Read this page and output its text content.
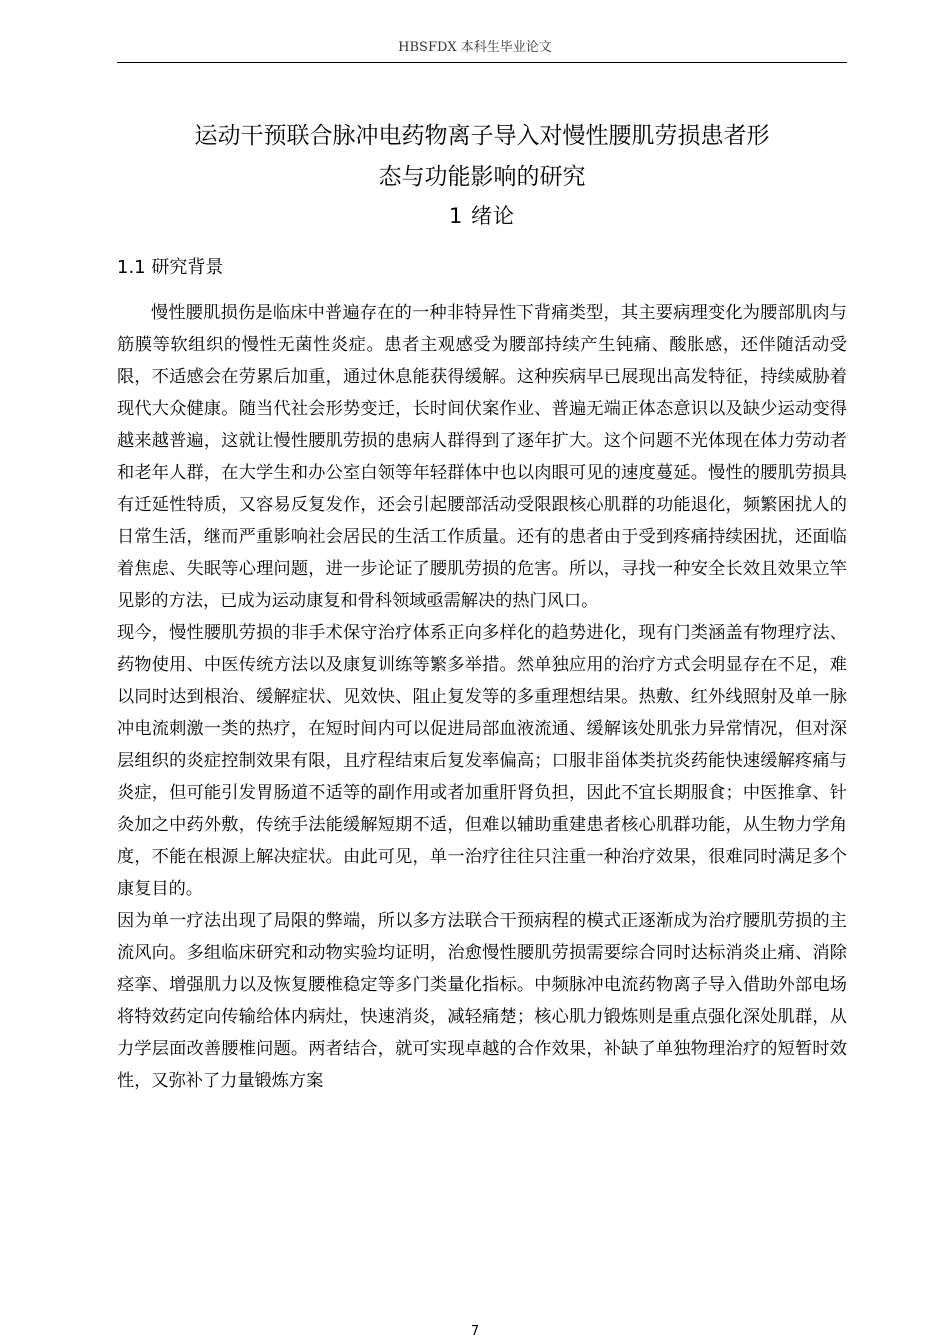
HBSFDX 本科生毕业论文
运动干预联合脉冲电药物离子导入对慢性腰肌劳损患者形
态与功能影响的研究
1 绪论
1.1 研究背景

慢性腰肌损伤是临床中普遍存在的一种非特异性下背痛类型，其主要病理变化为腰部肌肉与筋膜等软组织的慢性无菌性炎症。患者主观感受为腰部持续产生钝痛、酸胀感，还伴随活动受限，不适感会在劳累后加重，通过休息能获得缓解。这种疾病早已展现出高发特征，持续威胁着现代大众健康。随当代社会形势变迁，长时间伏案作业、普遍无端正体态意识以及缺少运动变得越来越普遍，这就让慢性腰肌劳损的患病人群得到了逐年扩大。这个问题不光体现在体力劳动者和老年人群，在大学生和办公室白领等年轻群体中也以肉眼可见的速度蔓延。慢性的腰肌劳损具有迁延性特质，又容易反复发作，还会引起腰部活动受限跟核心肌群的功能退化，频繁困扰人的日常生活，继而严重影响社会居民的生活工作质量。还有的患者由于受到疼痛持续困扰，还面临着焦虑、失眠等心理问题，进一步论证了腰肌劳损的危害。所以，寻找一种安全长效且效果立竿见影的方法，已成为运动康复和骨科领域亟需解决的热门风口。

现今，慢性腰肌劳损的非手术保守治疗体系正向多样化的趋势进化，现有门类涵盖有物理疗法、药物使用、中医传统方法以及康复训练等繁多举措。然单独应用的治疗方式会明显存在不足，难以同时达到根治、缓解症状、见效快、阻止复发等的多重理想结果。热敷、红外线照射及单一脉冲电流刺激一类的热疗，在短时间内可以促进局部血液流通、缓解该处肌张力异常情况，但对深层组织的炎症控制效果有限，且疗程结束后复发率偏高；口服非甾体类抗炎药能快速缓解疼痛与炎症，但可能引发胃肠道不适等的副作用或者加重肝肾负担，因此不宜长期服食；中医推拿、针灸加之中药外敷，传统手法能缓解短期不适，但难以辅助重建患者核心肌群功能，从生物力学角度，不能在根源上解决症状。由此可见，单一治疗往往只注重一种治疗效果，很难同时满足多个康复目的。

因为单一疗法出现了局限的弊端，所以多方法联合干预病程的模式正逐渐成为治疗腰肌劳损的主流风向。多组临床研究和动物实验均证明，治愈慢性腰肌劳损需要综合同时达标消炎止痛、消除痉挛、增强肌力以及恢复腰椎稳定等多门类量化指标。中频脉冲电流药物离子导入借助外部电场将特效药定向传输给体内病灶，快速消炎，减轻痛楚；核心肌力锻炼则是重点强化深处肌群，从力学层面改善腰椎问题。两者结合，就可实现卓越的合作效果，补缺了单独物理治疗的短暂时效性，又弥补了力量锻炼方案

7
